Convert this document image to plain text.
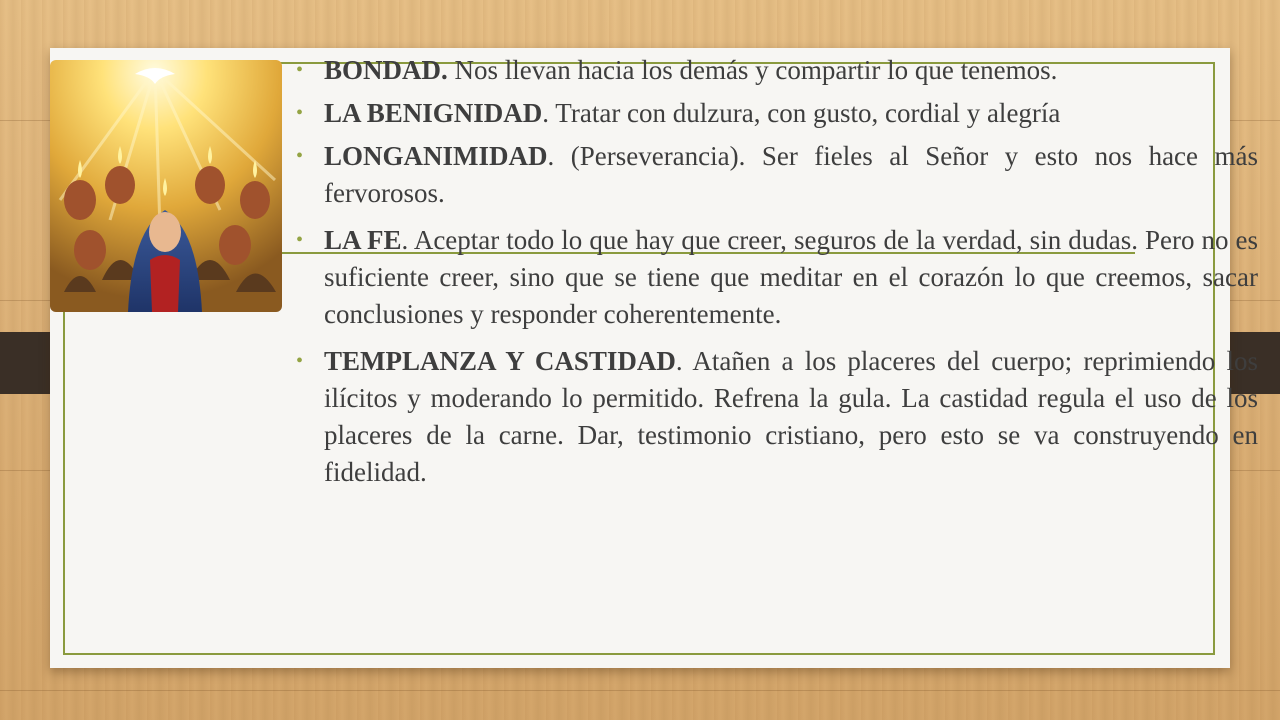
• BONDAD. Nos llevan hacia los demás y compartir lo que tenemos.
• LA BENIGNIDAD. Tratar con dulzura, con gusto, cordial y alegría
• LONGANIMIDAD. (Perseverancia). Ser fieles al Señor y esto nos hace más fervorosos.
• LA FE. Aceptar todo lo que hay que creer, seguros de la verdad, sin dudas. Pero no es suficiente creer, sino que se tiene que meditar en el corazón lo que creemos, sacar conclusiones y responder coherentemente.
• TEMPLANZA Y CASTIDAD. Atañen a los placeres del cuerpo; reprimiendo los ilícitos y moderando lo permitido. Refrena la gula. La castidad regula el uso de los placeres de la carne. Dar, testimonio cristiano, pero esto se va construyendo en fidelidad.
